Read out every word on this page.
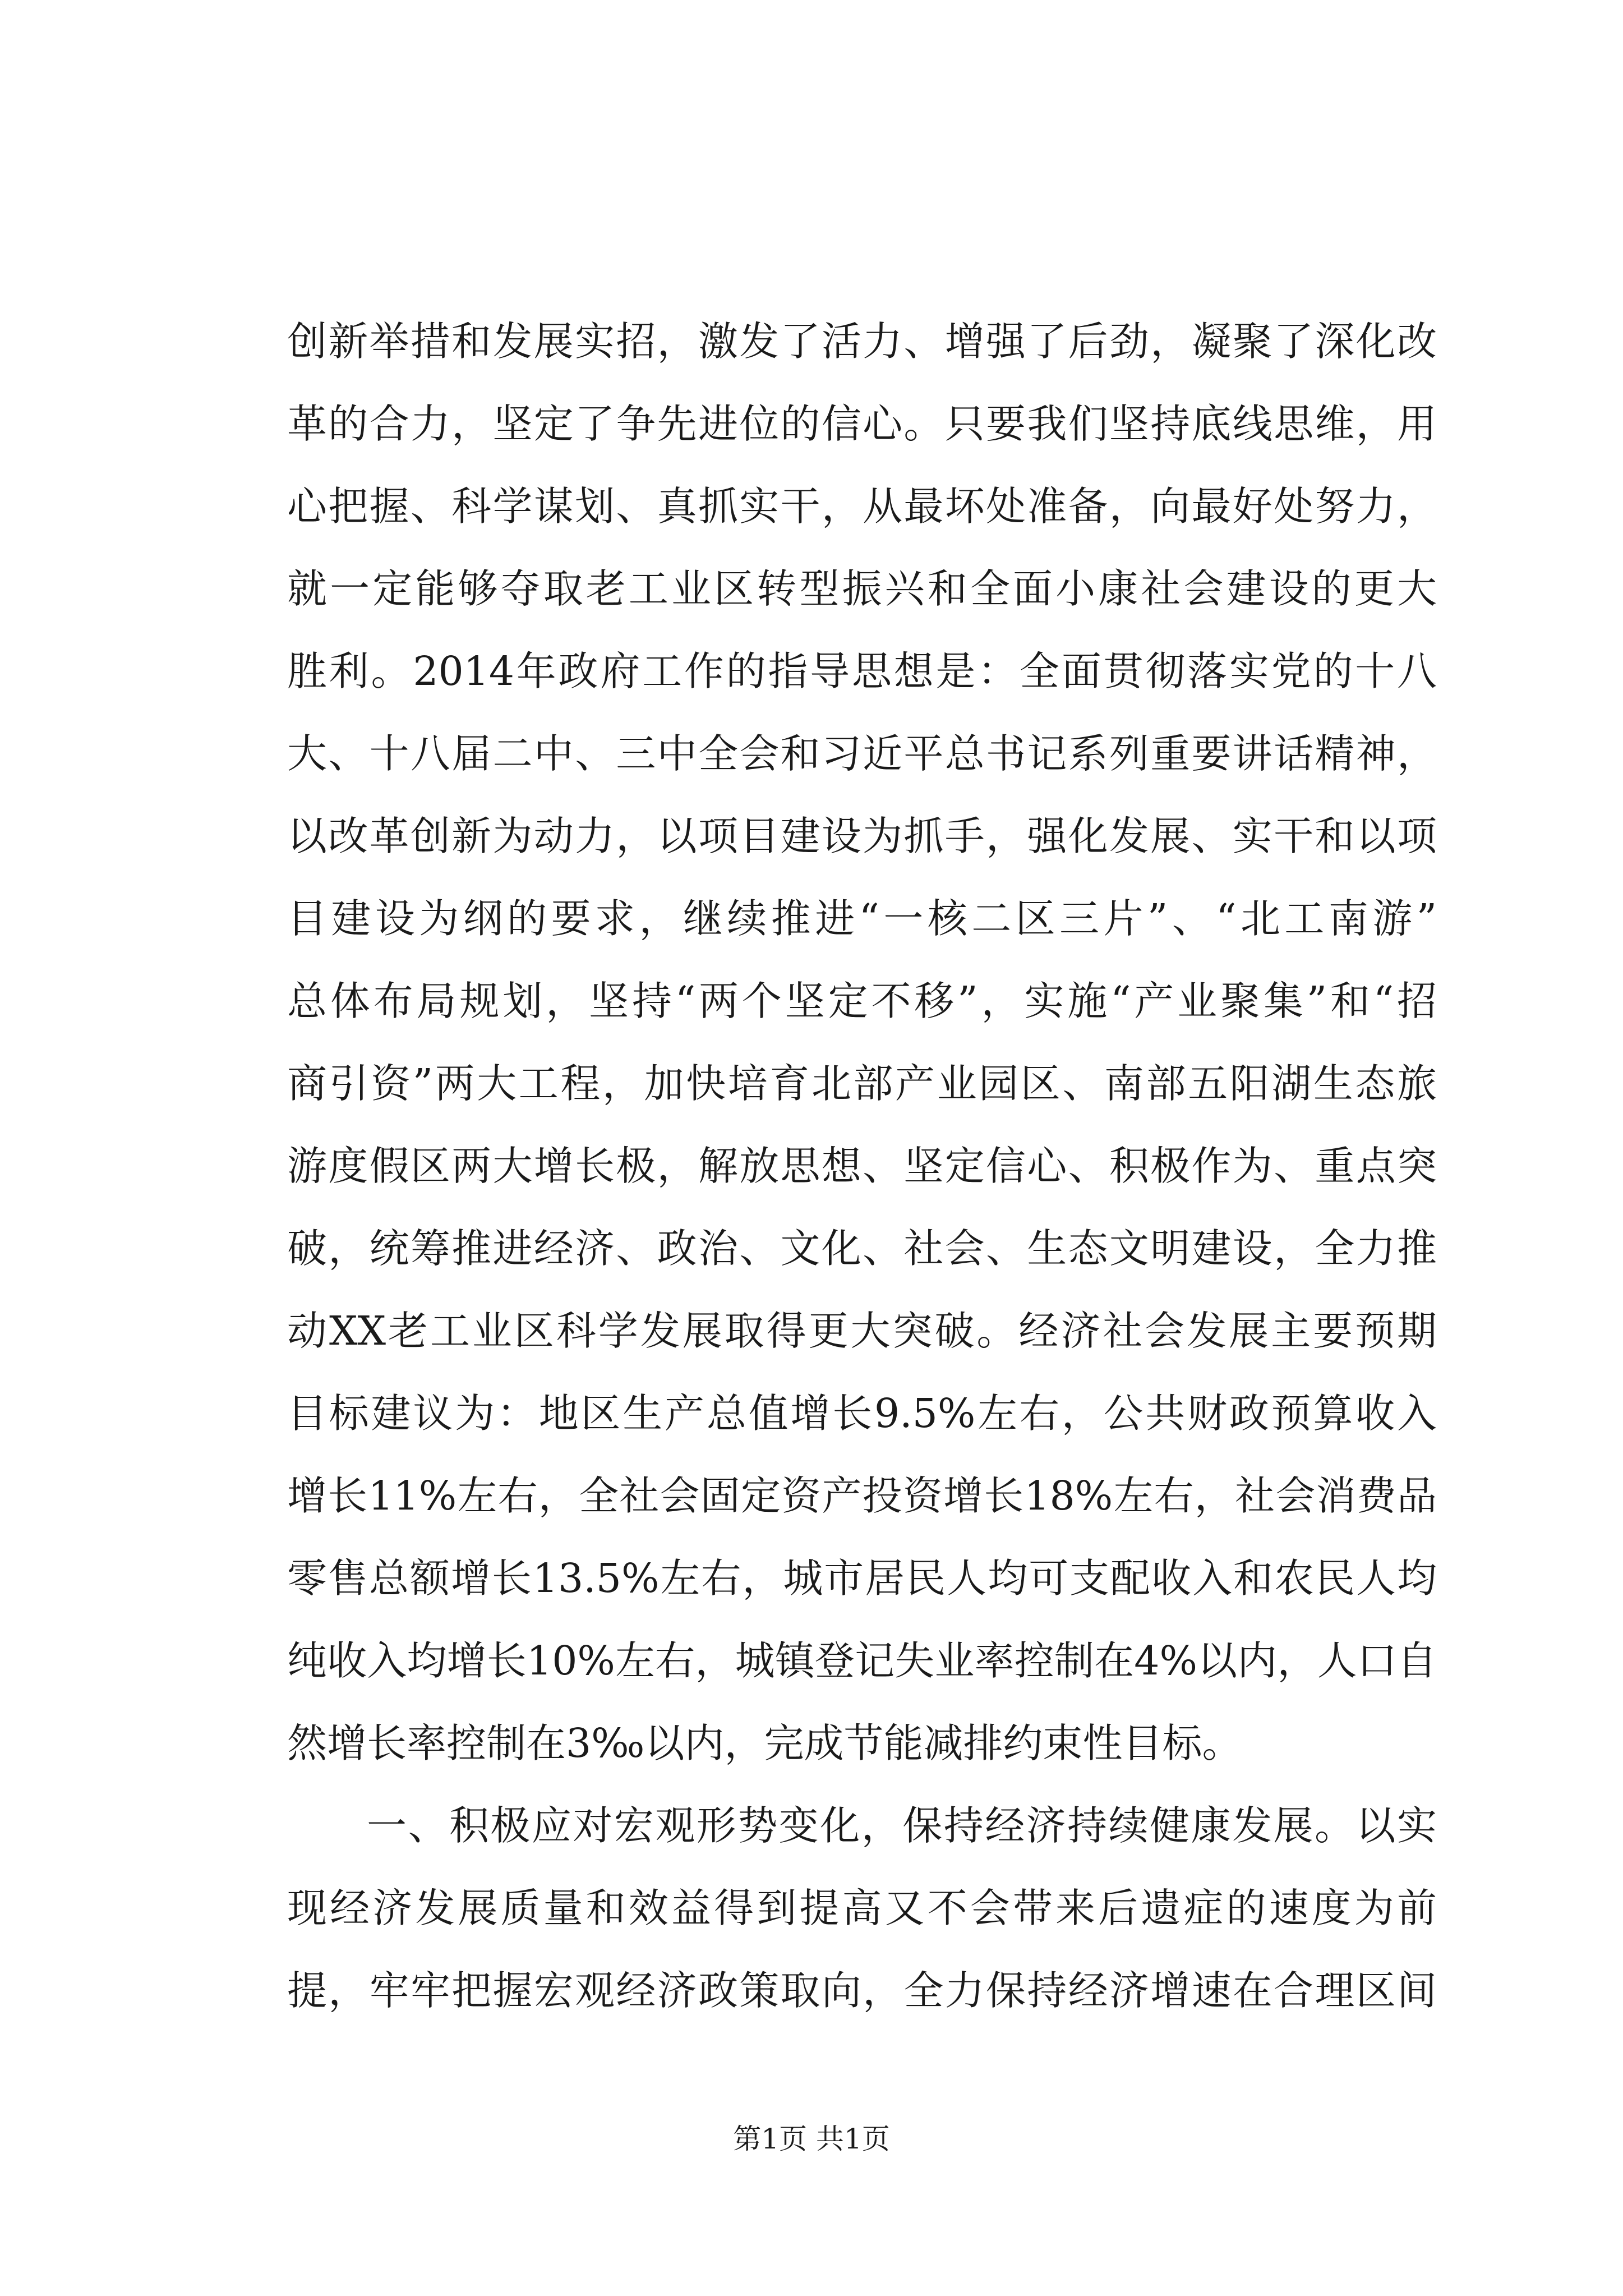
创新举措和发展实招，激发了活力、增强了后劲，凝聚了深化改
革的合力，坚定了争先进位的信心。只要我们坚持底线思维，用
心把握、科学谋划、真抓实干，从最坏处准备，向最好处努力，
就一定能够夺取老工业区转型振兴和全面小康社会建设的更大
胜利。2014年政府工作的指导思想是：全面贯彻落实党的十八
大、十八届二中、三中全会和习近平总书记系列重要讲话精神，
以改革创新为动力，以项目建设为抓手，强化发展、实干和以项
目建设为纲的要求，继续推进“一核二区三片”、“北工南游”
总体布局规划，坚持“两个坚定不移”，实施“产业聚集”和“招
商引资”两大工程，加快培育北部产业园区、南部五阳湖生态旅
游度假区两大增长极，解放思想、坚定信心、积极作为、重点突
破，统筹推进经济、政治、文化、社会、生态文明建设，全力推
动XX老工业区科学发展取得更大突破。经济社会发展主要预期
目标建议为：地区生产总值增长9.5%左右，公共财政预算收入
增长11%左右，全社会固定资产投资增长18%左右，社会消费品
零售总额增长13.5%左右，城市居民人均可支配收入和农民人均
纯收入均增长10%左右，城镇登记失业率控制在4%以内，人口自
然增长率控制在3‰以内，完成节能减排约束性目标。
一、积极应对宏观形势变化，保持经济持续健康发展。以实
现经济发展质量和效益得到提高又不会带来后遗症的速度为前
提，牢牢把握宏观经济政策取向，全力保持经济增速在合理区间
第1页 共1页
